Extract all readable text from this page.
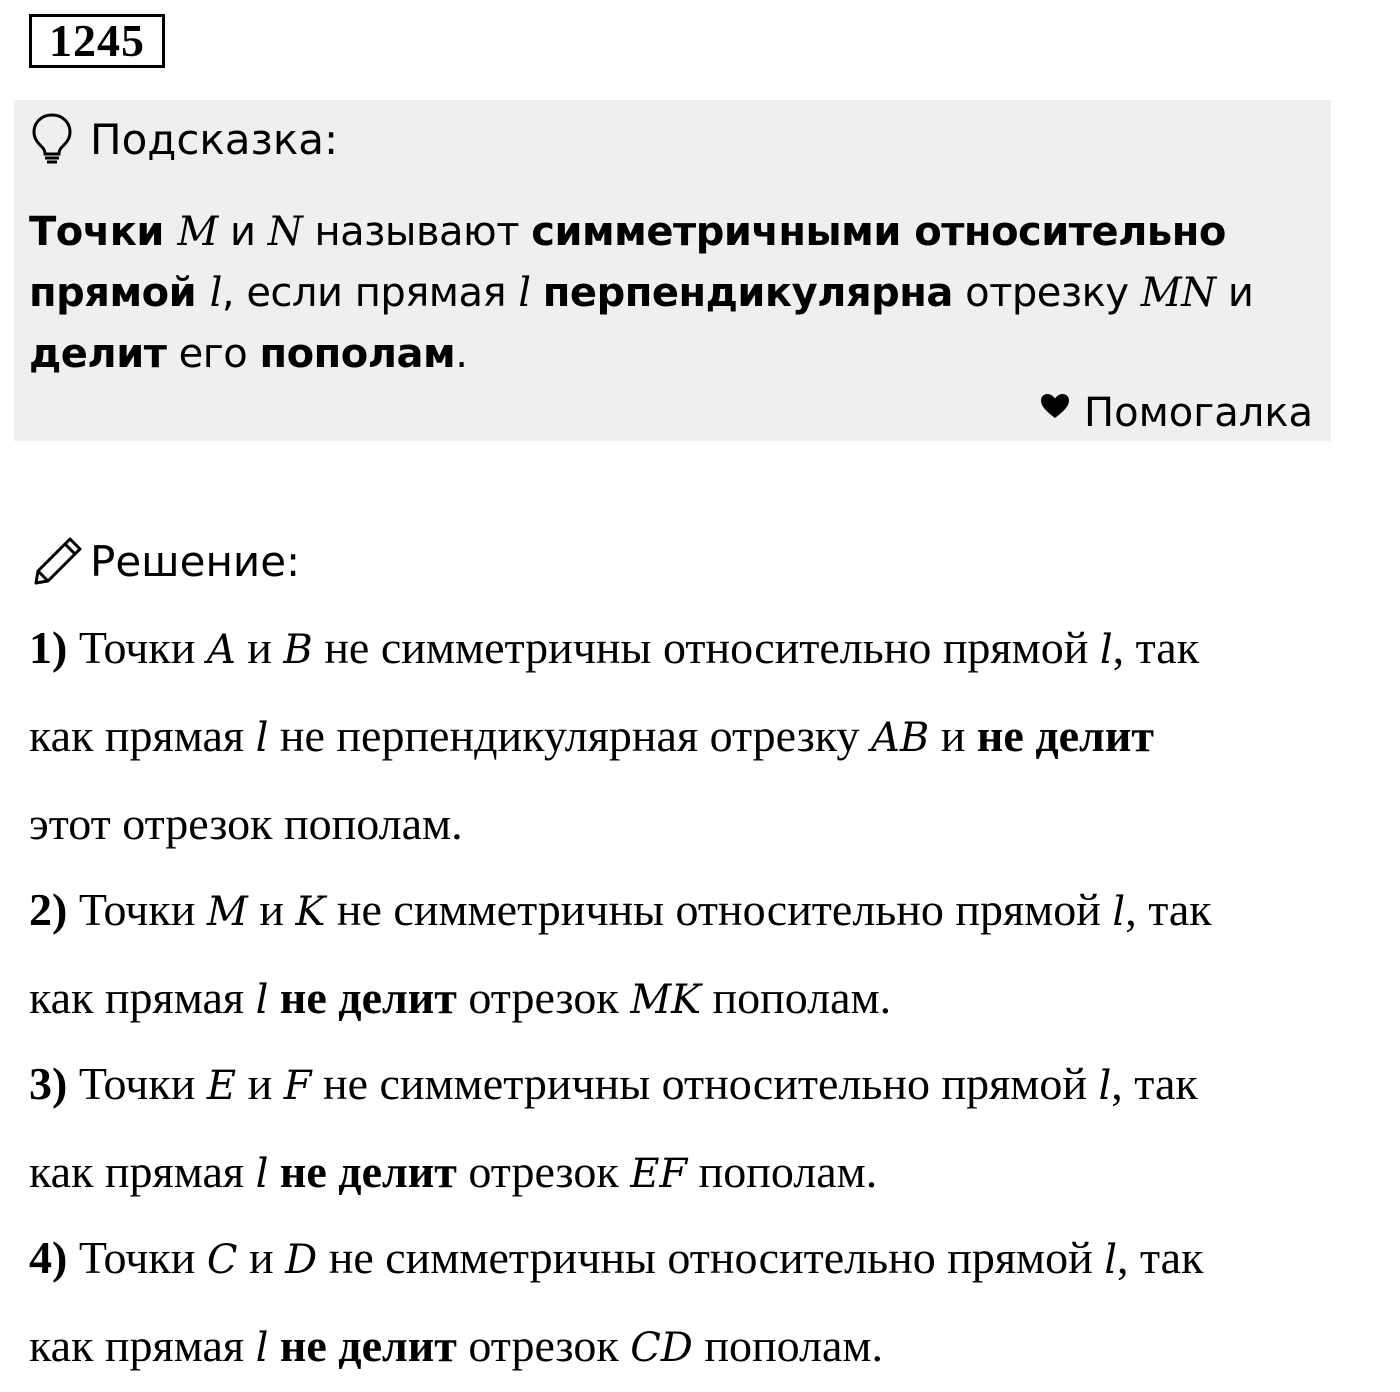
1245
Подсказка:
Точки M и N называют симметричными относительно
прямой l, если прямая l перпендикулярна отрезку MN и
делит его пополам.
Помогалка
Решение:
1) Точки A и B не симметричны относительно прямой l, так
как прямая l не перпендикулярная отрезку AB и не делит
этот отрезок пополам.
2) Точки M и K не симметричны относительно прямой l, так
как прямая l не делит отрезок MK пополам.
3) Точки E и F не симметричны относительно прямой l, так
как прямая l не делит отрезок EF пополам.
4) Точки C и D не симметричны относительно прямой l, так
как прямая l не делит отрезок CD пополам.
